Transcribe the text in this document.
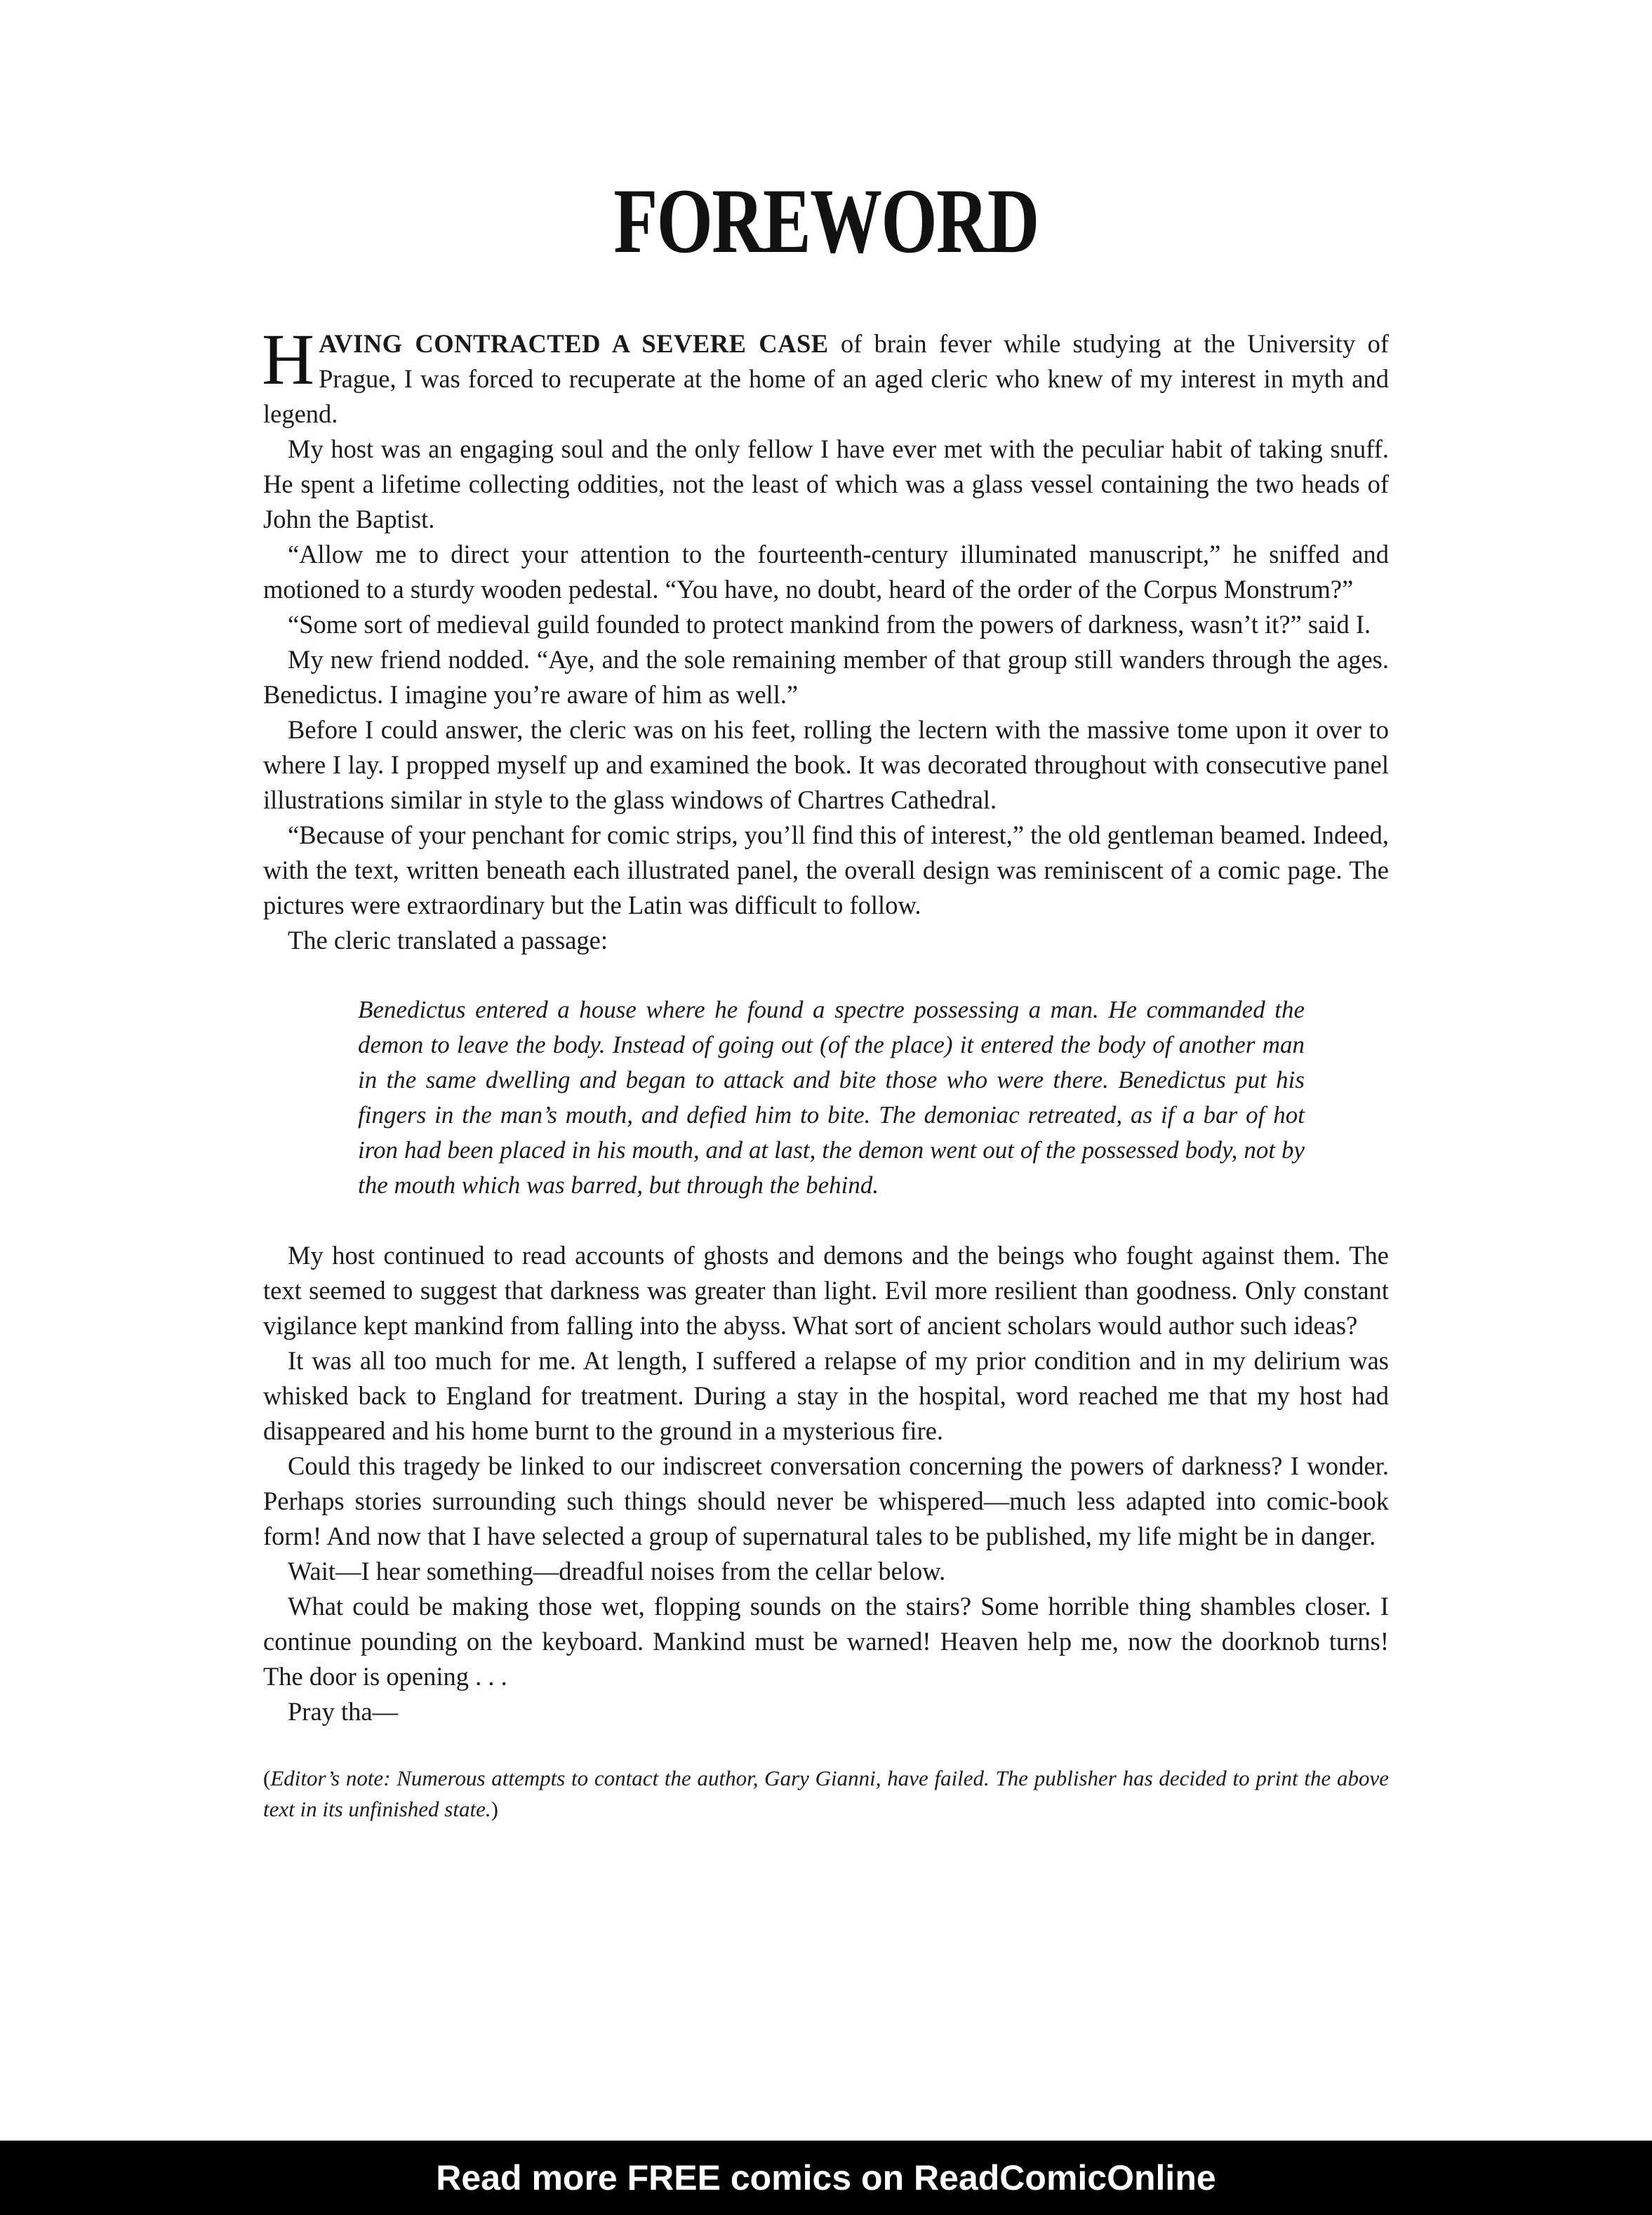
FOREWORD

HAVING CONTRACTED A SEVERE CASE of brain fever while studying at the University of Prague, I was forced to recuperate at the home of an aged cleric who knew of my interest in myth and legend.

My host was an engaging soul and the only fellow I have ever met with the peculiar habit of taking snuff. He spent a lifetime collecting oddities, not the least of which was a glass vessel containing the two heads of John the Baptist.

“Allow me to direct your attention to the fourteenth-century illuminated manuscript,” he sniffed and motioned to a sturdy wooden pedestal. “You have, no doubt, heard of the order of the Corpus Monstrum?”

“Some sort of medieval guild founded to protect mankind from the powers of darkness, wasn’t it?” said I.

My new friend nodded. “Aye, and the sole remaining member of that group still wanders through the ages. Benedictus. I imagine you’re aware of him as well.”

Before I could answer, the cleric was on his feet, rolling the lectern with the massive tome upon it over to where I lay. I propped myself up and examined the book. It was decorated throughout with consecutive panel illustrations similar in style to the glass windows of Chartres Cathedral.

“Because of your penchant for comic strips, you’ll find this of interest,” the old gentleman beamed. Indeed, with the text, written beneath each illustrated panel, the overall design was reminiscent of a comic page. The pictures were extraordinary but the Latin was difficult to follow.

The cleric translated a passage:

Benedictus entered a house where he found a spectre possessing a man. He commanded the demon to leave the body. Instead of going out (of the place) it entered the body of another man in the same dwelling and began to attack and bite those who were there. Benedictus put his fingers in the man’s mouth, and defied him to bite. The demoniac retreated, as if a bar of hot iron had been placed in his mouth, and at last, the demon went out of the possessed body, not by the mouth which was barred, but through the behind.

My host continued to read accounts of ghosts and demons and the beings who fought against them. The text seemed to suggest that darkness was greater than light. Evil more resilient than goodness. Only constant vigilance kept mankind from falling into the abyss. What sort of ancient scholars would author such ideas?

It was all too much for me. At length, I suffered a relapse of my prior condition and in my delirium was whisked back to England for treatment. During a stay in the hospital, word reached me that my host had disappeared and his home burnt to the ground in a mysterious fire.

Could this tragedy be linked to our indiscreet conversation concerning the powers of darkness? I wonder. Perhaps stories surrounding such things should never be whispered—much less adapted into comic-book form! And now that I have selected a group of supernatural tales to be published, my life might be in danger.

Wait—I hear something—dreadful noises from the cellar below.

What could be making those wet, flopping sounds on the stairs? Some horrible thing shambles closer. I continue pounding on the keyboard. Mankind must be warned! Heaven help me, now the doorknob turns! The door is opening . . .

Pray tha—

(Editor’s note: Numerous attempts to contact the author, Gary Gianni, have failed. The publisher has decided to print the above text in its unfinished state.)

Read more FREE comics on ReadComicOnline
